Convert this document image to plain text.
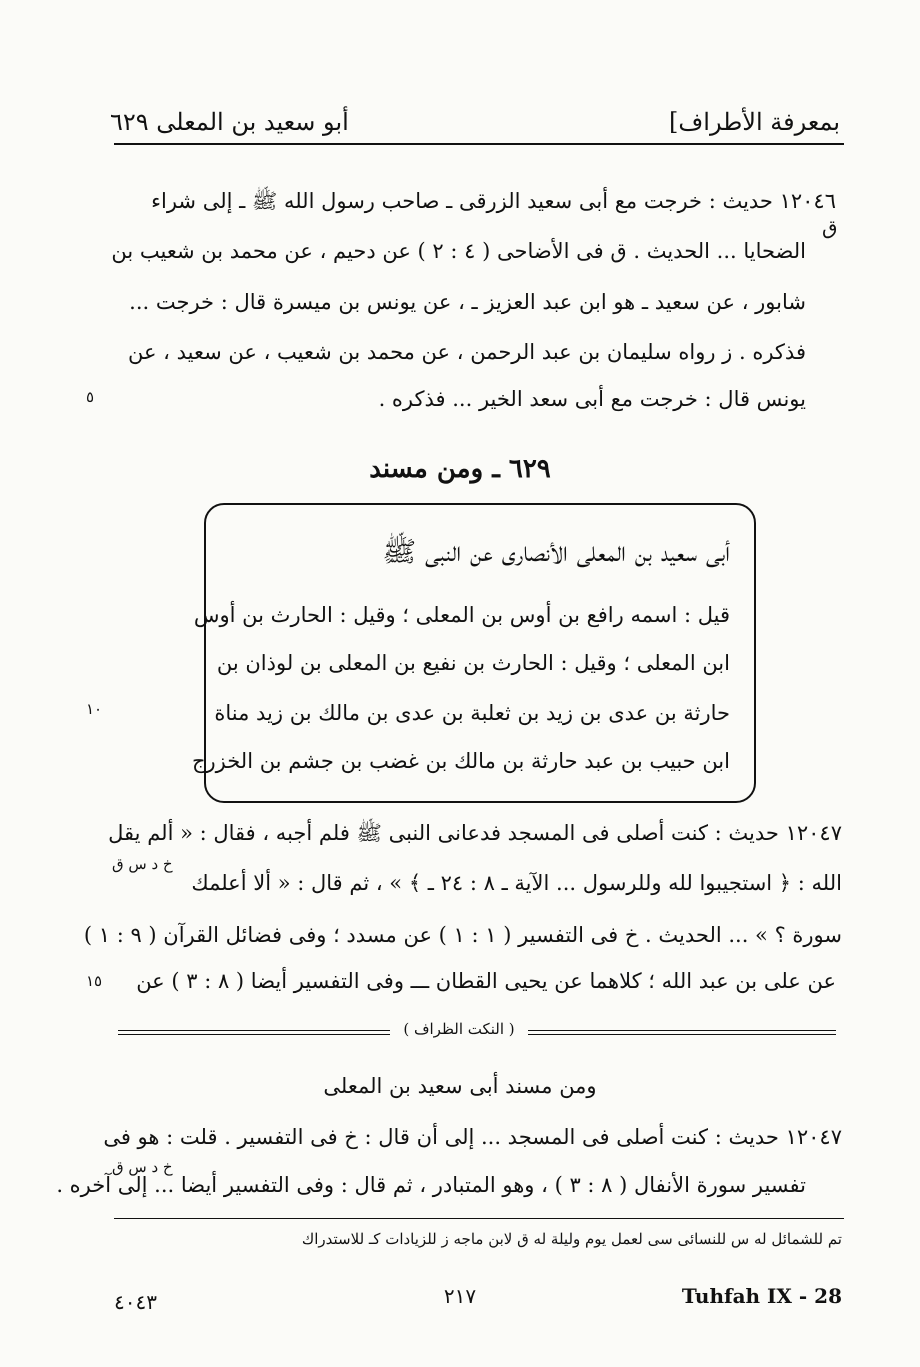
بمعرفة الأطراف]
أبو سعيد بن المعلى ٦٢٩
١٢٠٤٦ حديث : خرجت مع أبى سعيد الزرقى ـ صاحب رسول الله ﷺ ـ إلى شراء
الضحايا ... الحديث . ق فى الأضاحى ( ٤ : ٢ ) عن دحيم ، عن محمد بن شعيب بن
شابور ، عن سعيد ـ هو ابن عبد العزيز ـ ، عن يونس بن ميسرة قال : خرجت ...
فذكره . ز رواه سليمان بن عبد الرحمن ، عن محمد بن شعيب ، عن سعيد ، عن
يونس قال : خرجت مع أبى سعد الخير ... فذكره .
ق
٥
٦٢٩ ـ ومن مسند
أبى سعيد بن المعلى الأنصارى عن النبى ﷺ
قيل : اسمه رافع بن أوس بن المعلى ؛ وقيل : الحارث بن أوس
ابن المعلى ؛ وقيل : الحارث بن نفيع بن المعلى بن لوذان بن
حارثة بن عدى بن زيد بن ثعلبة بن عدى بن مالك بن زيد مناة
ابن حبيب بن عبد حارثة بن مالك بن غضب بن جشم بن الخزرج
١٠
١٢٠٤٧ حديث : كنت أصلى فى المسجد فدعانى النبى ﷺ فلم أجبه ، فقال : « ألم يقل
الله : ﴿ استجيبوا لله وللرسول ... الآية ـ ٨ : ٢٤ ـ ﴾ » ، ثم قال : « ألا أعلمك
سورة ؟ » ... الحديث . خ فى التفسير ( ١ : ١ ) عن مسدد ؛ وفى فضائل القرآن ( ٩ : ١ )
عن على بن عبد الله ؛ كلاهما عن يحيى القطان ـــ وفى التفسير أيضا ( ٨ : ٣ ) عن
خ د س ق
١٥
( النكت الظراف )
ومن مسند أبى سعيد بن المعلى
١٢٠٤٧ حديث : كنت أصلى فى المسجد ... إلى أن قال : خ فى التفسير . قلت : هو فى
تفسير سورة الأنفال ( ٨ : ٣ ) ، وهو المتبادر ، ثم قال : وفى التفسير أيضا ... إلى آخره .
خ د س ق
تم للشمائل له س للنسائى سى لعمل يوم وليلة له ق لابن ماجه ز للزيادات كـ للاستدراك
٤٠٤٣	٢١٧	Tuhfah IX - 28
